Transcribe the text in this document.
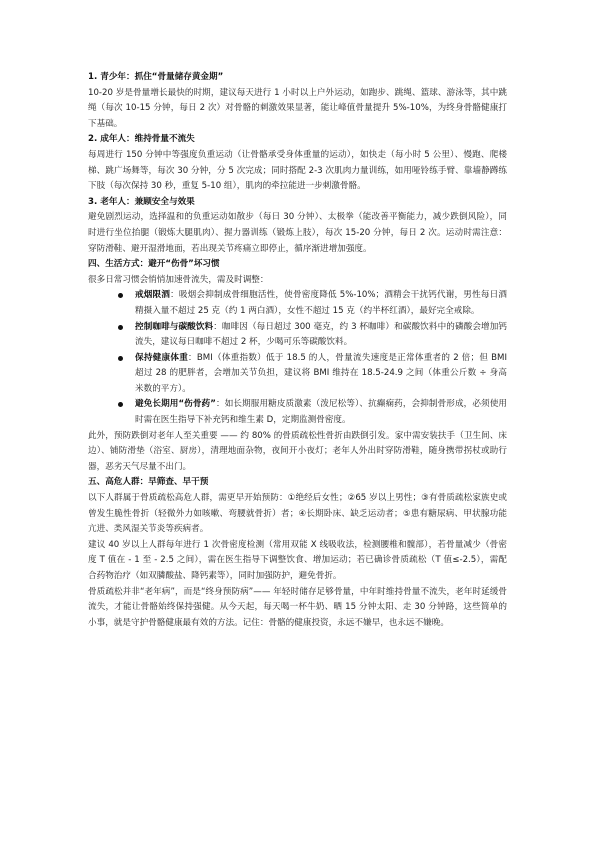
1. 青少年：抓住“骨量储存黄金期”

10-20 岁是骨量增长最快的时期，建议每天进行 1 小时以上户外运动，如跑步、跳绳、篮球、游泳等，其中跳绳（每次 10-15 分钟，每日 2 次）对骨骼的刺激效果显著，能让峰值骨量提升 5%-10%，为终身骨骼健康打下基础。

2. 成年人：维持骨量不流失

每周进行 150 分钟中等强度负重运动（让骨骼承受身体重量的运动），如快走（每小时 5 公里）、慢跑、爬楼梯、跳广场舞等，每次 30 分钟，分 5 次完成；同时搭配 2-3 次肌肉力量训练，如用哑铃练手臂、靠墙静蹲练下肢（每次保持 30 秒，重复 5-10 组），肌肉的牵拉能进一步刺激骨骼。

3. 老年人：兼顾安全与效果

避免剧烈运动，选择温和的负重运动如散步（每日 30 分钟）、太极拳（能改善平衡能力，减少跌倒风险），同时进行坐位抬腿（锻炼大腿肌肉）、握力器训练（锻炼上肢），每次 15-20 分钟，每日 2 次。运动时需注意：穿防滑鞋、避开湿滑地面，若出现关节疼痛立即停止，循序渐进增加强度。

四、生活方式：避开“伤骨”坏习惯

很多日常习惯会悄悄加速骨流失，需及时调整：

戒烟限酒：吸烟会抑制成骨细胞活性，使骨密度降低 5%-10%；酒精会干扰钙代谢，男性每日酒精摄入量不超过 25 克（约 1 两白酒），女性不超过 15 克（约半杯红酒），最好完全戒除。
控制咖啡与碳酸饮料：咖啡因（每日超过 300 毫克，约 3 杯咖啡）和碳酸饮料中的磷酸会增加钙流失，建议每日咖啡不超过 2 杯，少喝可乐等碳酸饮料。
保持健康体重：BMI（体重指数）低于 18.5 的人，骨量流失速度是正常体重者的 2 倍；但 BMI 超过 28 的肥胖者，会增加关节负担，建议将 BMI 维持在 18.5-24.9 之间（体重公斤数 ÷ 身高米数的平方）。
避免长期用“伤骨药”：如长期服用糖皮质激素（泼尼松等）、抗癫痫药，会抑制骨形成，必须使用时需在医生指导下补充钙和维生素 D，定期监测骨密度。

此外，预防跌倒对老年人至关重要 —— 约 80% 的骨质疏松性骨折由跌倒引发。家中需安装扶手（卫生间、床边）、铺防滑垫（浴室、厨房），清理地面杂物，夜间开小夜灯；老年人外出时穿防滑鞋，随身携带拐杖或助行器，恶劣天气尽量不出门。

五、高危人群：早筛查、早干预

以下人群属于骨质疏松高危人群，需更早开始预防：①绝经后女性；②65 岁以上男性；③有骨质疏松家族史或曾发生脆性骨折（轻微外力如咳嗽、弯腰就骨折）者；④长期卧床、缺乏运动者；⑤患有糖尿病、甲状腺功能亢进、类风湿关节炎等疾病者。

建议 40 岁以上人群每年进行 1 次骨密度检测（常用双能 X 线吸收法，检测腰椎和髋部），若骨量减少（骨密度 T 值在 - 1 至 - 2.5 之间），需在医生指导下调整饮食、增加运动；若已确诊骨质疏松（T 值≤-2.5），需配合药物治疗（如双膦酸盐、降钙素等），同时加强防护，避免骨折。

骨质疏松并非“老年病”，而是“终身预防病”—— 年轻时储存足够骨量，中年时维持骨量不流失，老年时延缓骨流失，才能让骨骼始终保持强健。从今天起，每天喝一杯牛奶、晒 15 分钟太阳、走 30 分钟路，这些简单的小事，就是守护骨骼健康最有效的方法。记住：骨骼的健康投资，永远不嫌早，也永远不嫌晚。
